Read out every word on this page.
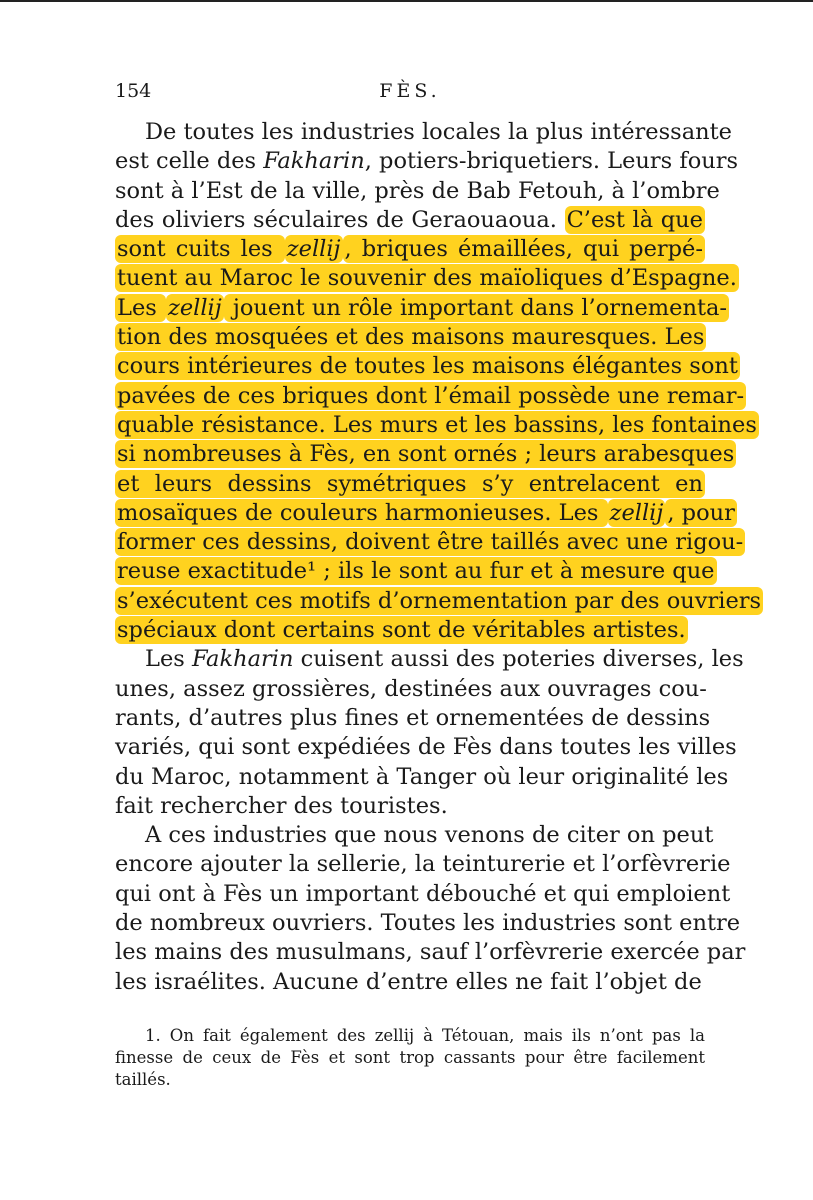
154	FÈS.
De toutes les industries locales la plus intéressante
est celle des Fakharin, potiers-briquetiers. Leurs fours
sont à l’Est de la ville, près de Bab Fetouh, à l’ombre
des oliviers séculaires de Geraouaoua. C’est là que
sont cuits les zellij , briques émaillées, qui perpé-
tuent au Maroc le souvenir des maïoliques d’Espagne.
Les zellij jouent un rôle important dans l’ornementa-
tion des mosquées et des maisons mauresques. Les
cours intérieures de toutes les maisons élégantes sont
pavées de ces briques dont l’émail possède une remar-
quable résistance. Les murs et les bassins, les fontaines
si nombreuses à Fès, en sont ornés ; leurs arabesques
et leurs dessins symétriques s’y entrelacent en
mosaïques de couleurs harmonieuses. Les zellij , pour
former ces dessins, doivent être taillés avec une rigou-
reuse exactitude¹ ; ils le sont au fur et à mesure que
s’exécutent ces motifs d’ornementation par des ouvriers
spéciaux dont certains sont de véritables artistes.
Les Fakharin cuisent aussi des poteries diverses, les
unes, assez grossières, destinées aux ouvrages cou-
rants, d’autres plus fines et ornementées de dessins
variés, qui sont expédiées de Fès dans toutes les villes
du Maroc, notamment à Tanger où leur originalité les
fait rechercher des touristes.
A ces industries que nous venons de citer on peut
encore ajouter la sellerie, la teinturerie et l’orfèvrerie
qui ont à Fès un important débouché et qui emploient
de nombreux ouvriers. Toutes les industries sont entre
les mains des musulmans, sauf l’orfèvrerie exercée par
les israélites. Aucune d’entre elles ne fait l’objet de
1. On fait également des zellij à Tétouan, mais ils n’ont pas la
finesse de ceux de Fès et sont trop cassants pour être facilement
taillés.
